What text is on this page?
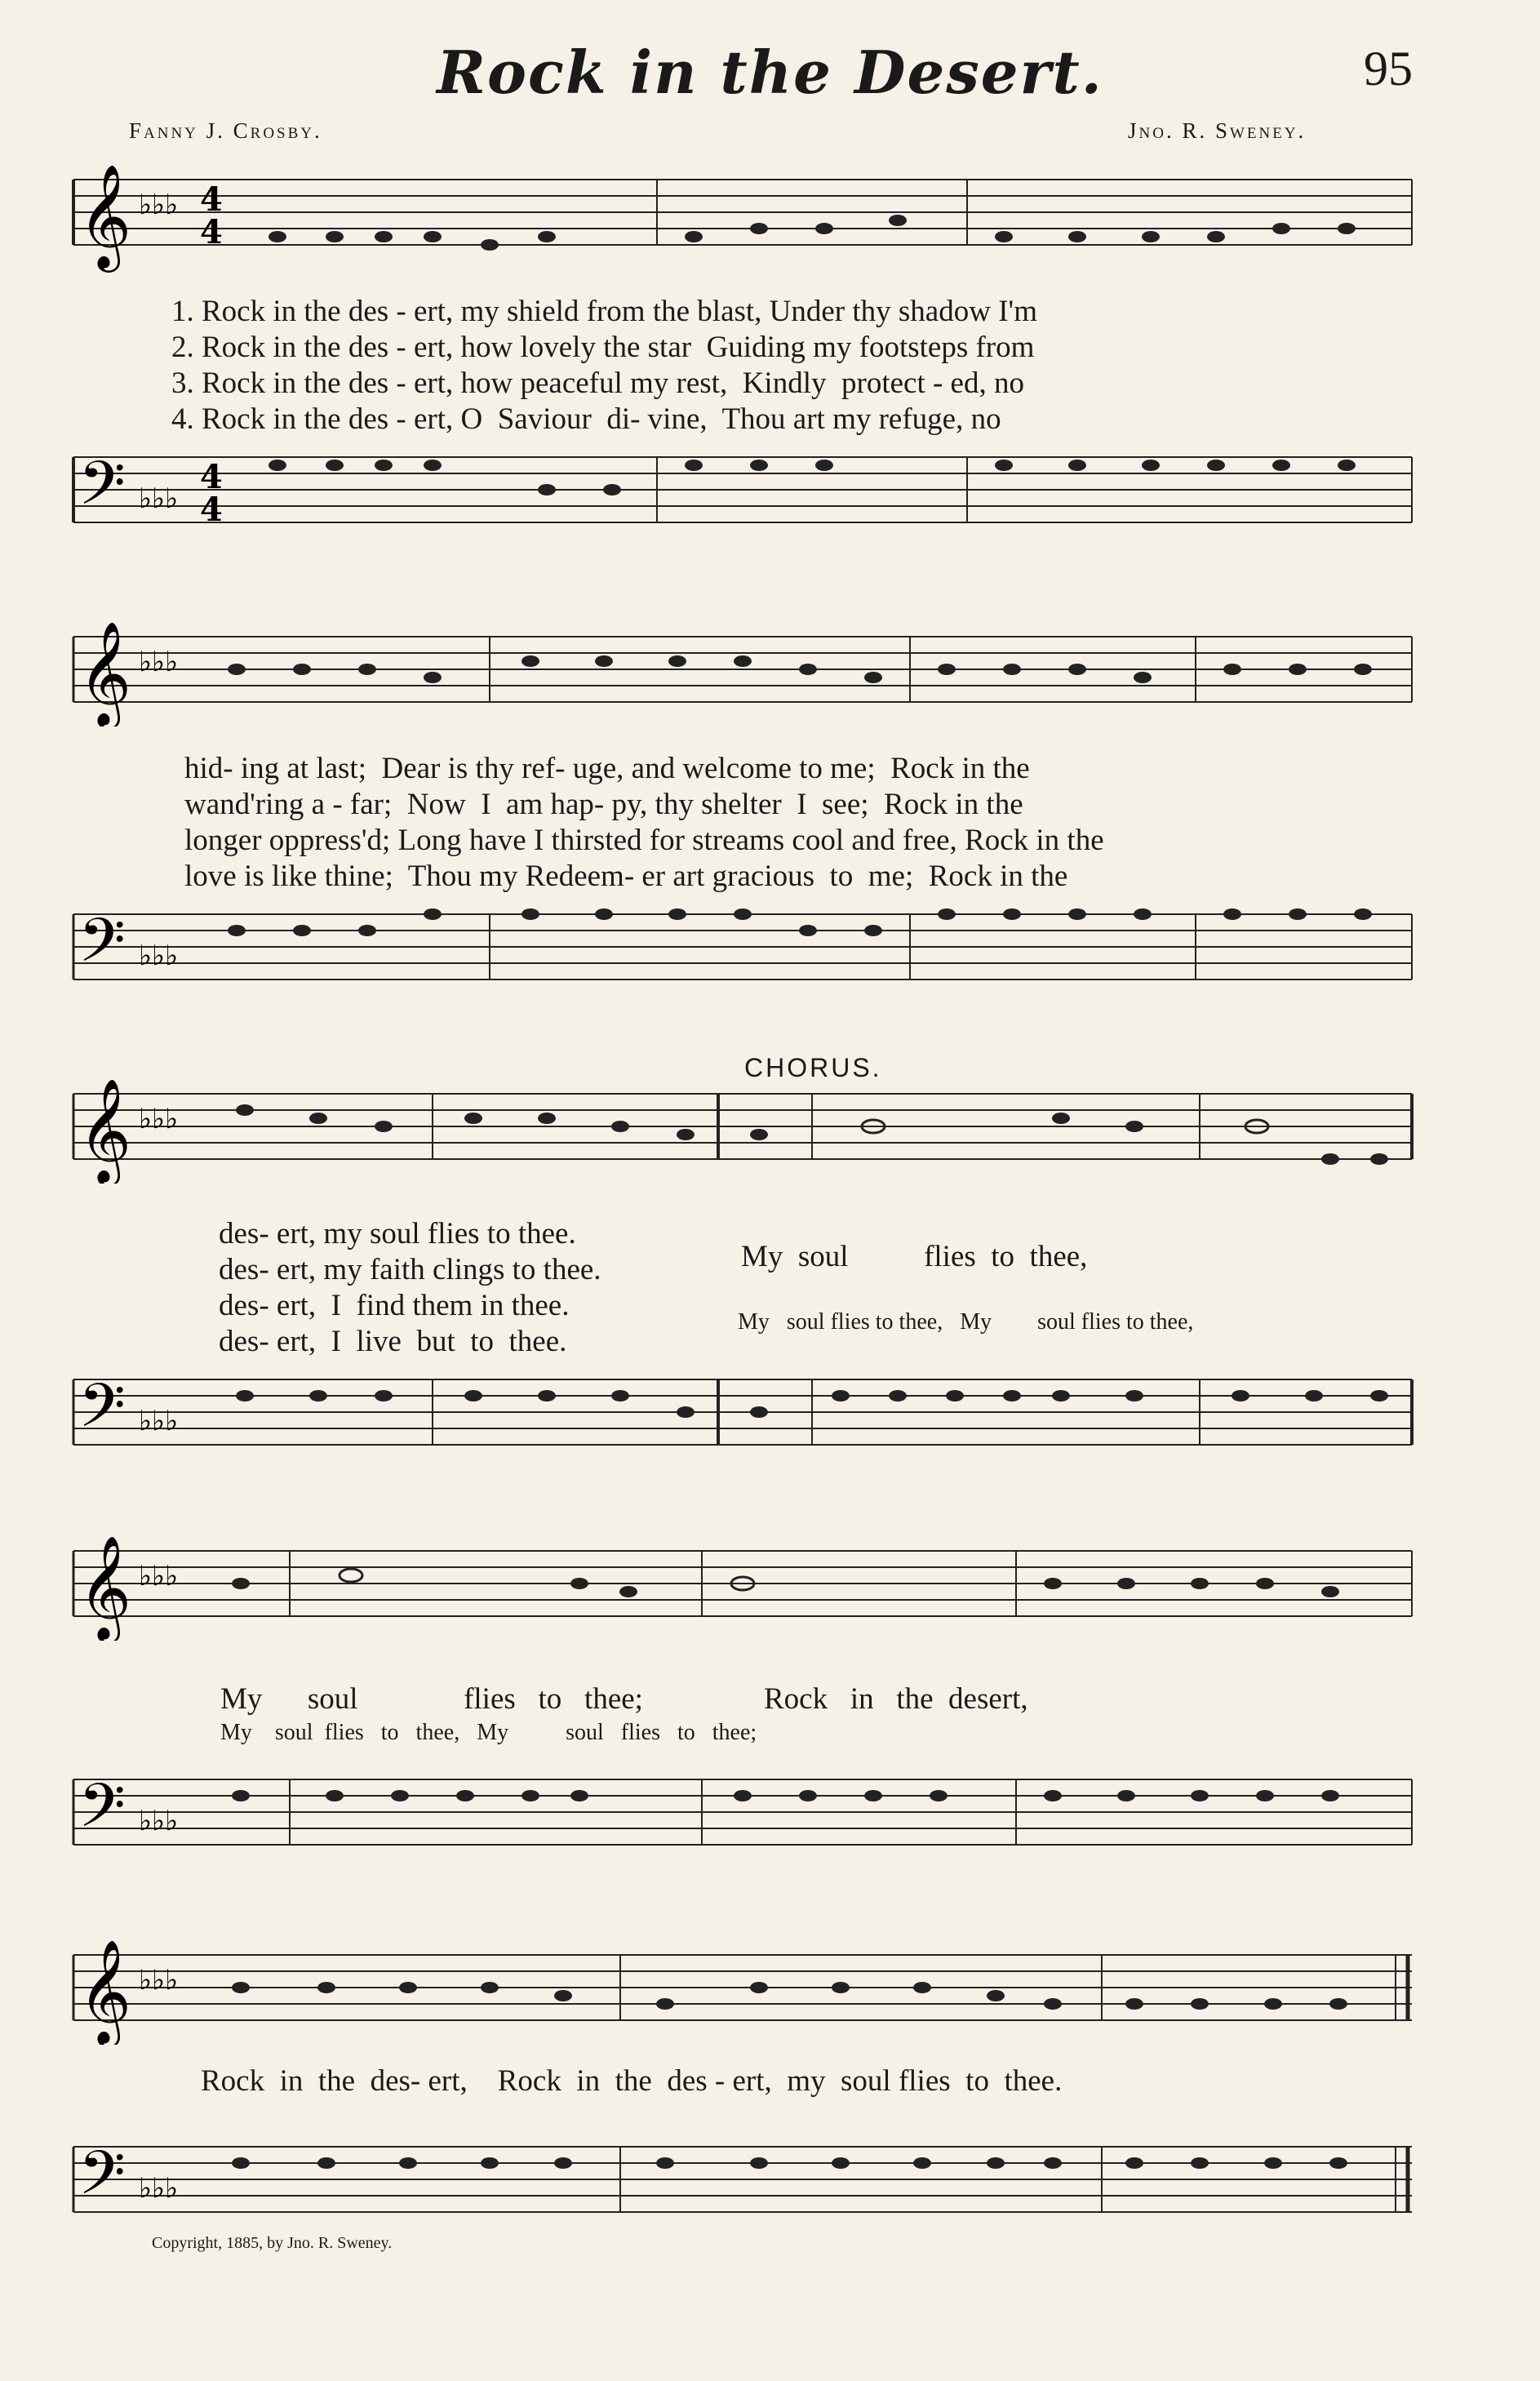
Rock in the Desert.	95
Fanny J. Crosby.	Jno. R. Sweney.
𝄞 ♭♭♭ 4
4
1. Rock in the des - ert, my shield from the blast, Under thy shadow I'm
2. Rock in the des - ert, how lovely the star  Guiding my footsteps from
3. Rock in the des - ert, how peaceful my rest,  Kindly  protect - ed, no
4. Rock in the des - ert, O  Saviour  di- vine,  Thou art my refuge, no
𝄢 ♭♭♭
4
4
𝄞 ♭♭♭
hid- ing at last;  Dear is thy ref- uge, and welcome to me;  Rock in the
wand'ring a - far;  Now  I  am hap- py, thy shelter  I  see;  Rock in the
longer oppress'd; Long have I thirsted for streams cool and free, Rock in the
love is like thine;  Thou my Redeem- er art gracious  to  me;  Rock in the
𝄢 ♭♭♭
CHORUS.
𝄞 ♭♭♭
des- ert, my soul flies to thee.
des- ert, my faith clings to thee.
des- ert,  I  find them in thee.
des- ert,  I  live  but  to  thee.
My  soul          flies  to  thee,
My   soul flies to thee,   My        soul flies to thee,
𝄢 ♭♭♭
𝄞 ♭♭♭
My      soul              flies   to   thee;                Rock   in   the  desert,
My    soul  flies   to   thee,   My          soul   flies   to   thee;
𝄢 ♭♭♭
𝄞 ♭♭♭
Rock  in  the  des- ert,    Rock  in  the  des - ert,  my  soul flies  to  thee.
𝄢 ♭♭♭
Copyright, 1885, by Jno. R. Sweney.
